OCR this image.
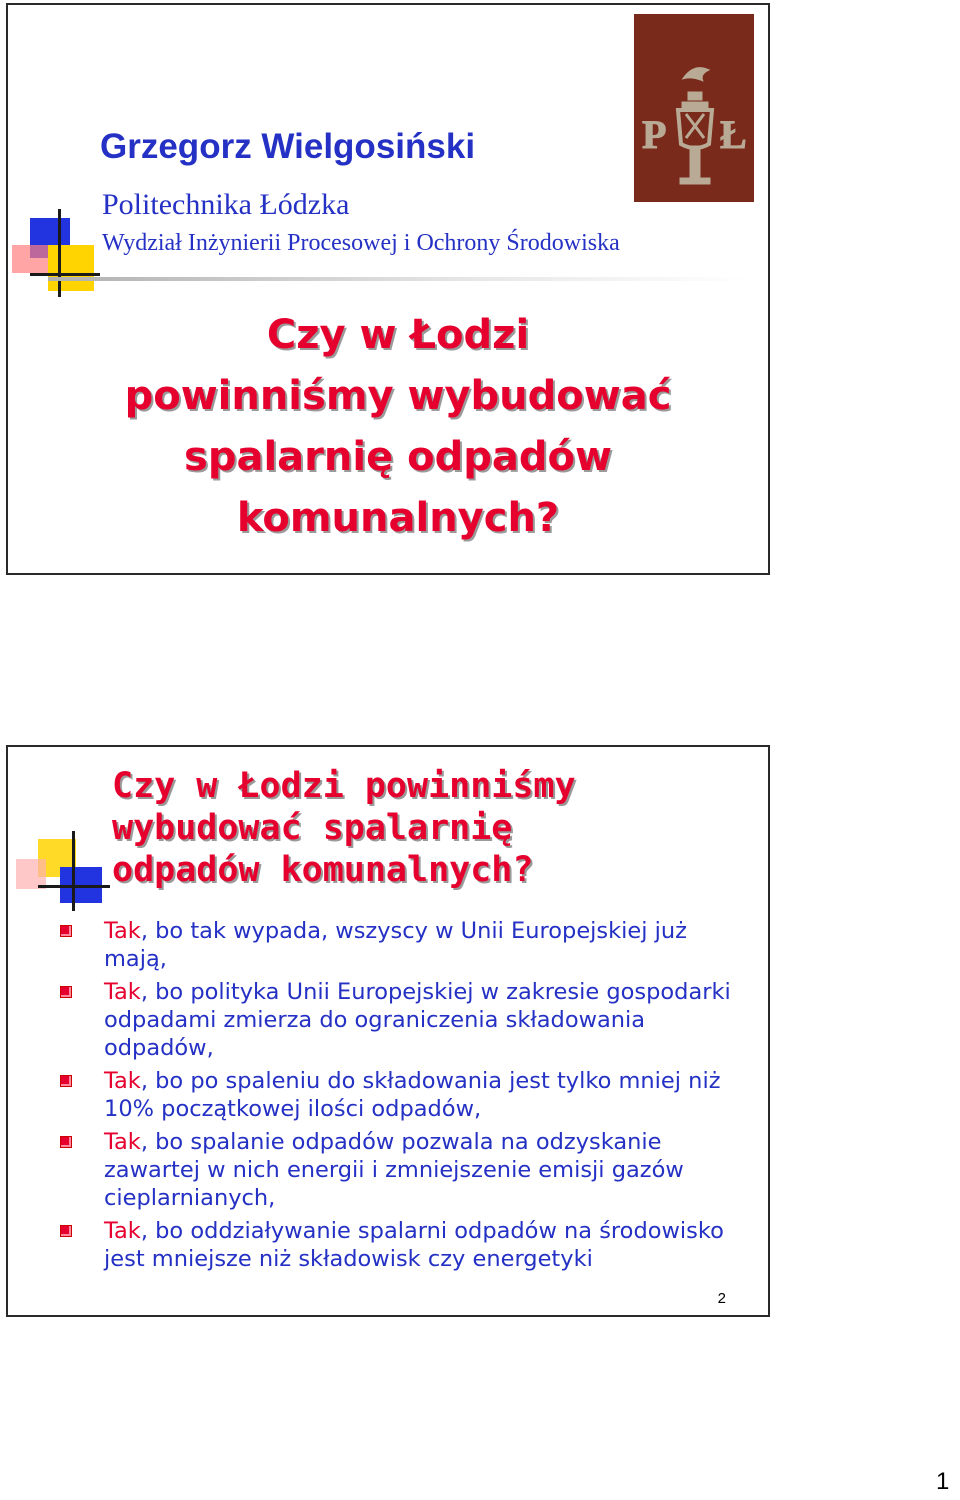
Grzegorz Wielgosiński
Politechnika Łódzka
Wydział Inżynierii Procesowej i Ochrony Środowiska
P Ł
Czy w Łodzi
powinniśmy wybudować
spalarnię odpadów
komunalnych?
Czy w Łodzi powinniśmy
wybudować spalarnię
odpadów komunalnych?
Tak, bo tak wypada, wszyscy w Unii Europejskiej już mają,
Tak, bo polityka Unii Europejskiej w zakresie gospodarki odpadami zmierza do ograniczenia składowania odpadów,
Tak, bo po spaleniu do składowania jest tylko mniej niż 10% początkowej ilości odpadów,
Tak, bo spalanie odpadów pozwala na odzyskanie zawartej w nich energii i zmniejszenie emisji gazów cieplarnianych,
Tak, bo oddziaływanie spalarni odpadów na środowisko jest mniejsze niż składowisk czy energetyki
2
1
